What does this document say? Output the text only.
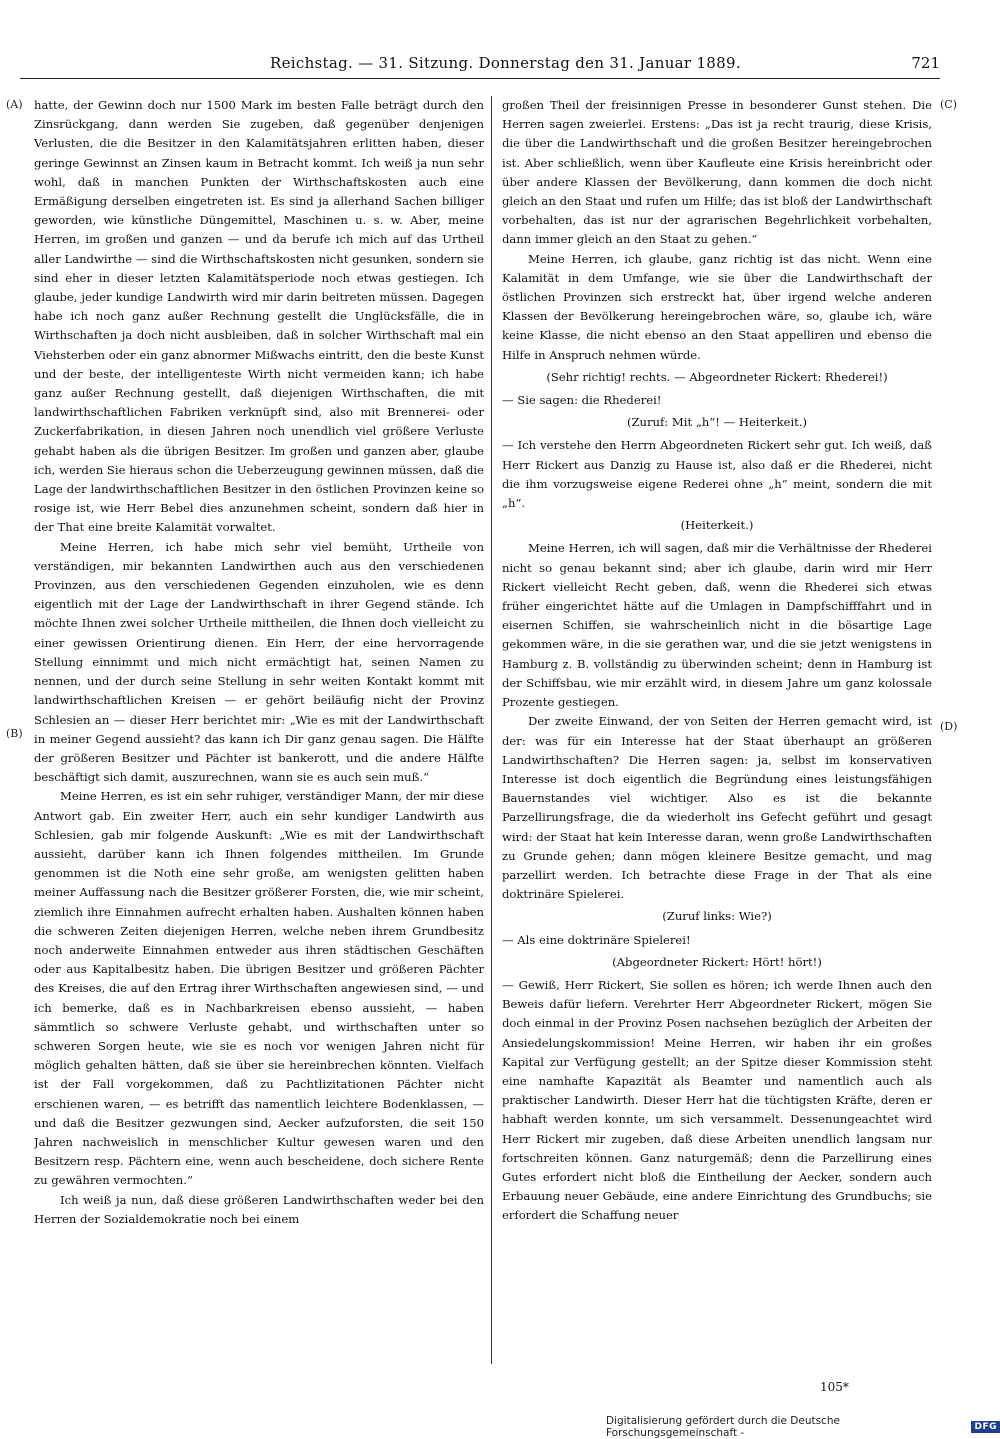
Reichstag. — 31. Sitzung. Donnerstag den 31. Januar 1889.	721
(A)
(B)
(C)
(D)

hatte, der Gewinn doch nur 1500 Mark im besten Falle beträgt durch den Zinsrückgang, dann werden Sie zugeben, daß gegenüber denjenigen Verlusten, die die Besitzer in den Kalamitätsjahren erlitten haben, dieser geringe Gewinnst an Zinsen kaum in Betracht kommt. Ich weiß ja nun sehr wohl, daß in manchen Punkten der Wirthschaftskosten auch eine Ermäßigung derselben eingetreten ist. Es sind ja allerhand Sachen billiger geworden, wie künstliche Düngemittel, Maschinen u. s. w. Aber, meine Herren, im großen und ganzen — und da berufe ich mich auf das Urtheil aller Landwirthe — sind die Wirthschaftskosten nicht gesunken, sondern sie sind eher in dieser letzten Kalamitätsperiode noch etwas gestiegen. Ich glaube, jeder kundige Landwirth wird mir darin beitreten müssen. Dagegen habe ich noch ganz außer Rechnung gestellt die Unglücksfälle, die in Wirthschaften ja doch nicht ausbleiben, daß in solcher Wirthschaft mal ein Viehsterben oder ein ganz abnormer Mißwachs eintritt, den die beste Kunst und der beste, der intelligenteste Wirth nicht vermeiden kann; ich habe ganz außer Rechnung gestellt, daß diejenigen Wirthschaften, die mit landwirthschaftlichen Fabriken verknüpft sind, also mit Brennerei- oder Zuckerfabrikation, in diesen Jahren noch unendlich viel größere Verluste gehabt haben als die übrigen Besitzer. Im großen und ganzen aber, glaube ich, werden Sie hieraus schon die Ueberzeugung gewinnen müssen, daß die Lage der landwirthschaftlichen Besitzer in den östlichen Provinzen keine so rosige ist, wie Herr Bebel dies anzunehmen scheint, sondern daß hier in der That eine breite Kalamität vorwaltet.

Meine Herren, ich habe mich sehr viel bemüht, Urtheile von verständigen, mir bekannten Landwirthen auch aus den verschiedenen Provinzen, aus den verschiedenen Gegenden einzuholen, wie es denn eigentlich mit der Lage der Landwirthschaft in ihrer Gegend stände. Ich möchte Ihnen zwei solcher Urtheile mittheilen, die Ihnen doch vielleicht zu einer gewissen Orientirung dienen. Ein Herr, der eine hervorragende Stellung einnimmt und mich nicht ermächtigt hat, seinen Namen zu nennen, und der durch seine Stellung in sehr weiten Kontakt kommt mit landwirthschaftlichen Kreisen — er gehört beiläufig nicht der Provinz Schlesien an — dieser Herr berichtet mir: „Wie es mit der Landwirthschaft in meiner Gegend aussieht? das kann ich Dir ganz genau sagen. Die Hälfte der größeren Besitzer und Pächter ist bankerott, und die andere Hälfte beschäftigt sich damit, auszurechnen, wann sie es auch sein muß.“

Meine Herren, es ist ein sehr ruhiger, verständiger Mann, der mir diese Antwort gab. Ein zweiter Herr, auch ein sehr kundiger Landwirth aus Schlesien, gab mir folgende Auskunft: „Wie es mit der Landwirthschaft aussieht, darüber kann ich Ihnen folgendes mittheilen. Im Grunde genommen ist die Noth eine sehr große, am wenigsten gelitten haben meiner Auffassung nach die Besitzer größerer Forsten, die, wie mir scheint, ziemlich ihre Einnahmen aufrecht erhalten haben. Aushalten können haben die schweren Zeiten diejenigen Herren, welche neben ihrem Grundbesitz noch anderweite Einnahmen entweder aus ihren städtischen Geschäften oder aus Kapitalbesitz haben. Die übrigen Besitzer und größeren Pächter des Kreises, die auf den Ertrag ihrer Wirthschaften angewiesen sind, — und ich bemerke, daß es in Nachbarkreisen ebenso aussieht, — haben sämmtlich so schwere Verluste gehabt, und wirthschaften unter so schweren Sorgen heute, wie sie es noch vor wenigen Jahren nicht für möglich gehalten hätten, daß sie über sie hereinbrechen könnten. Vielfach ist der Fall vorgekommen, daß zu Pachtlizitationen Pächter nicht erschienen waren, — es betrifft das namentlich leichtere Bodenklassen, — und daß die Besitzer gezwungen sind, Aecker aufzuforsten, die seit 150 Jahren nachweislich in menschlicher Kultur gewesen waren und den Besitzern resp. Pächtern eine, wenn auch bescheidene, doch sichere Rente zu gewähren vermochten.“

Ich weiß ja nun, daß diese größeren Landwirthschaften weder bei den Herren der Sozialdemokratie noch bei einem

großen Theil der freisinnigen Presse in besonderer Gunst stehen. Die Herren sagen zweierlei. Erstens: „Das ist ja recht traurig, diese Krisis, die über die Landwirthschaft und die großen Besitzer hereingebrochen ist. Aber schließlich, wenn über Kaufleute eine Krisis hereinbricht oder über andere Klassen der Bevölkerung, dann kommen die doch nicht gleich an den Staat und rufen um Hilfe; das ist bloß der Landwirthschaft vorbehalten, das ist nur der agrarischen Begehrlichkeit vorbehalten, dann immer gleich an den Staat zu gehen.“

Meine Herren, ich glaube, ganz richtig ist das nicht. Wenn eine Kalamität in dem Umfange, wie sie über die Landwirthschaft der östlichen Provinzen sich erstreckt hat, über irgend welche anderen Klassen der Bevölkerung hereingebrochen wäre, so, glaube ich, wäre keine Klasse, die nicht ebenso an den Staat appelliren und ebenso die Hilfe in Anspruch nehmen würde.

(Sehr richtig! rechts. — Abgeordneter Rickert: Rhederei!)

— Sie sagen: die Rhederei!

(Zuruf: Mit „h“! — Heiterkeit.)

— Ich verstehe den Herrn Abgeordneten Rickert sehr gut. Ich weiß, daß Herr Rickert aus Danzig zu Hause ist, also daß er die Rhederei, nicht die ihm vorzugsweise eigene Rederei ohne „h“ meint, sondern die mit „h“.

(Heiterkeit.)

Meine Herren, ich will sagen, daß mir die Verhältnisse der Rhederei nicht so genau bekannt sind; aber ich glaube, darin wird mir Herr Rickert vielleicht Recht geben, daß, wenn die Rhederei sich etwas früher eingerichtet hätte auf die Umlagen in Dampfschifffahrt und in eisernen Schiffen, sie wahrscheinlich nicht in die bösartige Lage gekommen wäre, in die sie gerathen war, und die sie jetzt wenigstens in Hamburg z. B. vollständig zu überwinden scheint; denn in Hamburg ist der Schiffsbau, wie mir erzählt wird, in diesem Jahre um ganz kolossale Prozente gestiegen.

Der zweite Einwand, der von Seiten der Herren gemacht wird, ist der: was für ein Interesse hat der Staat überhaupt an größeren Landwirthschaften? Die Herren sagen: ja, selbst im konservativen Interesse ist doch eigentlich die Begründung eines leistungsfähigen Bauernstandes viel wichtiger. Also es ist die bekannte Parzellirungsfrage, die da wiederholt ins Gefecht geführt und gesagt wird: der Staat hat kein Interesse daran, wenn große Landwirthschaften zu Grunde gehen; dann mögen kleinere Besitze gemacht, und mag parzellirt werden. Ich betrachte diese Frage in der That als eine doktrinäre Spielerei.

(Zuruf links: Wie?)

— Als eine doktrinäre Spielerei!

(Abgeordneter Rickert: Hört! hört!)

— Gewiß, Herr Rickert, Sie sollen es hören; ich werde Ihnen auch den Beweis dafür liefern. Verehrter Herr Abgeordneter Rickert, mögen Sie doch einmal in der Provinz Posen nachsehen bezüglich der Arbeiten der Ansiedelungskommission! Meine Herren, wir haben ihr ein großes Kapital zur Verfügung gestellt; an der Spitze dieser Kommission steht eine namhafte Kapazität als Beamter und namentlich auch als praktischer Landwirth. Dieser Herr hat die tüchtigsten Kräfte, deren er habhaft werden konnte, um sich versammelt. Dessenungeachtet wird Herr Rickert mir zugeben, daß diese Arbeiten unendlich langsam nur fortschreiten können. Ganz naturgemäß; denn die Parzellirung eines Gutes erfordert nicht bloß die Eintheilung der Aecker, sondern auch Erbauung neuer Gebäude, eine andere Einrichtung des Grundbuchs; sie erfordert die Schaffung neuer

105*
Digitalisierung gefördert durch die Deutsche Forschungsgemeinschaft -	DFG
